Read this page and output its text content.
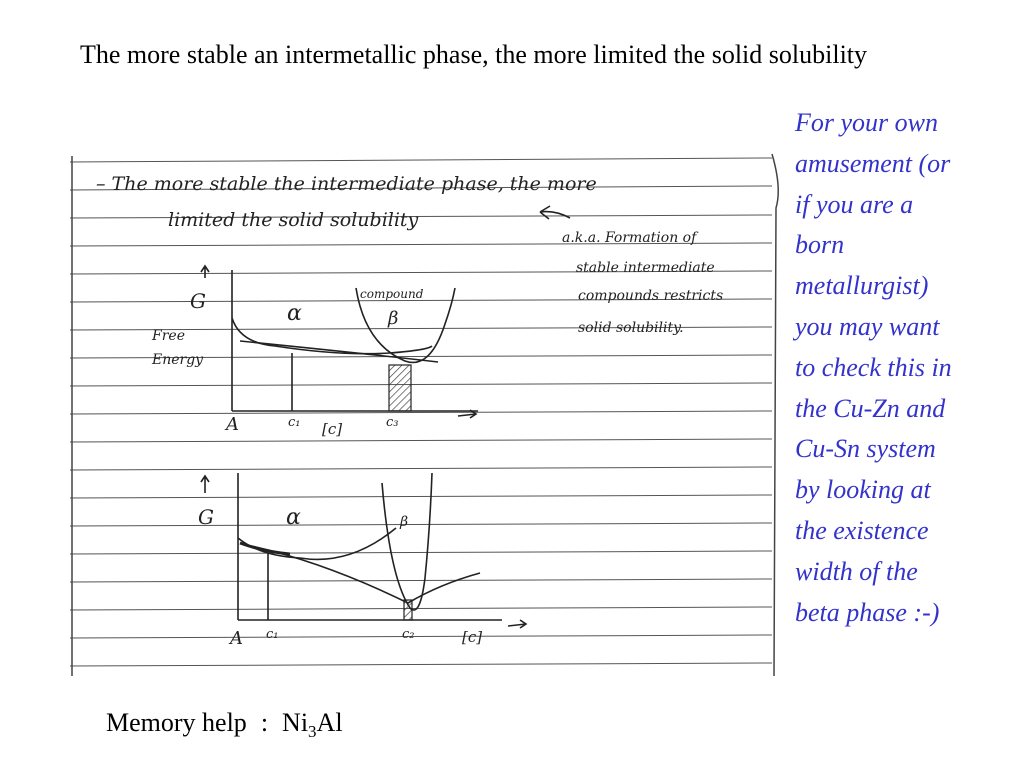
The more stable an intermetallic phase, the more limited the solid solubility
For your own
amusement (or
if you are a
born
metallurgist)
you may want
to check this in
the Cu-Zn and
Cu-Sn system
by looking at
the existence
width of the
beta phase :-)
– The more stable the intermediate phase, the more
limited the solid solubility
a.k.a. Formation of
stable intermediate
compounds restricts
solid solubility.
G
Free
Energy
α
compound
β
A	c₁ [c]	c₃
G	α	β
A c₁	c₂	[c]
Memory help : $Ni_3Al$
